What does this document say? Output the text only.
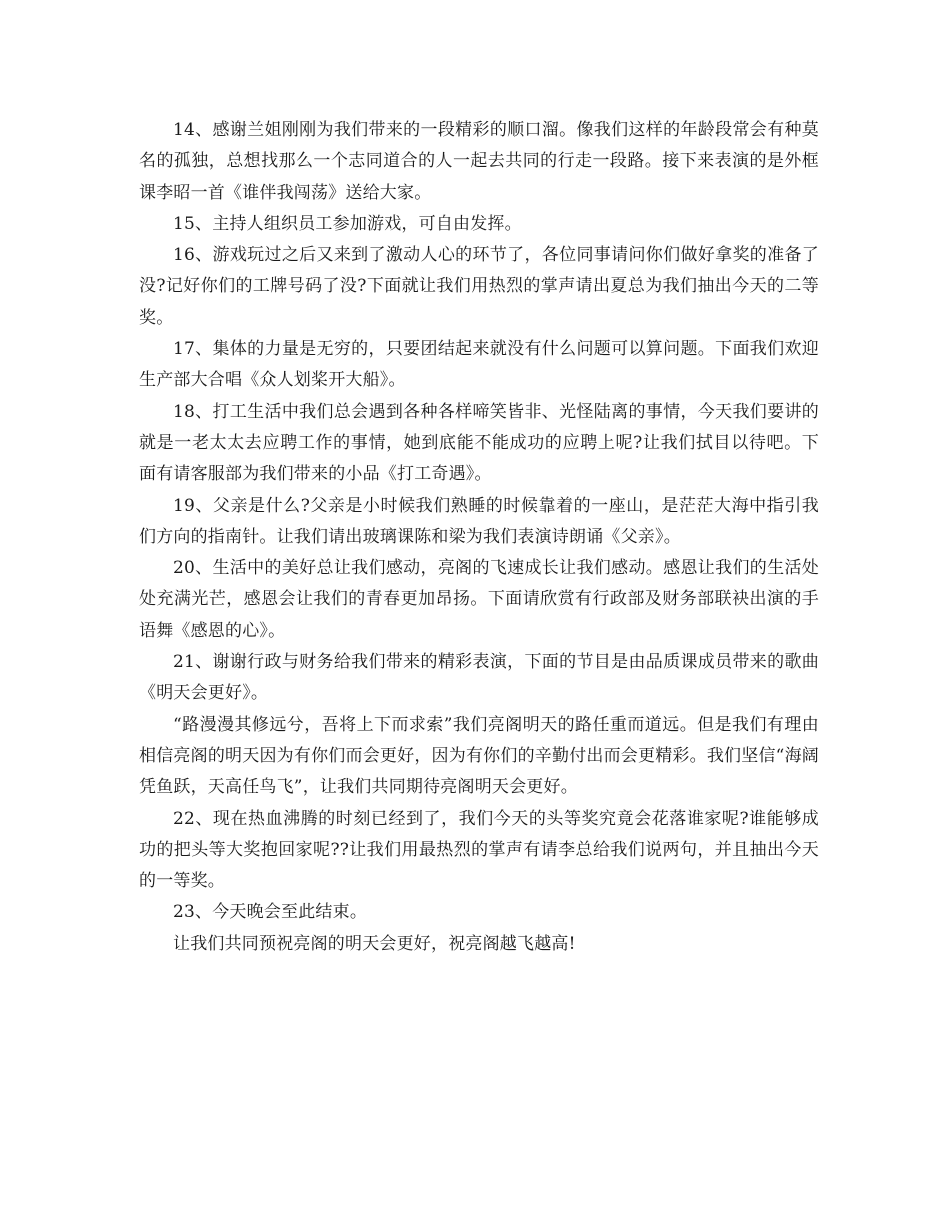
14、感谢兰姐刚刚为我们带来的一段精彩的顺口溜。像我们这样的年龄段常会有种莫名的孤独，总想找那么一个志同道合的人一起去共同的行走一段路。接下来表演的是外框课李昭一首《谁伴我闯荡》送给大家。

15、主持人组织员工参加游戏，可自由发挥。

16、游戏玩过之后又来到了激动人心的环节了，各位同事请问你们做好拿奖的准备了没?记好你们的工牌号码了没?下面就让我们用热烈的掌声请出夏总为我们抽出今天的二等奖。

17、集体的力量是无穷的，只要团结起来就没有什么问题可以算问题。下面我们欢迎生产部大合唱《众人划桨开大船》。

18、打工生活中我们总会遇到各种各样啼笑皆非、光怪陆离的事情，今天我们要讲的就是一老太太去应聘工作的事情，她到底能不能成功的应聘上呢?让我们拭目以待吧。下面有请客服部为我们带来的小品《打工奇遇》。

19、父亲是什么?父亲是小时候我们熟睡的时候靠着的一座山，是茫茫大海中指引我们方向的指南针。让我们请出玻璃课陈和梁为我们表演诗朗诵《父亲》。

20、生活中的美好总让我们感动，亮阁的飞速成长让我们感动。感恩让我们的生活处处充满光芒，感恩会让我们的青春更加昂扬。下面请欣赏有行政部及财务部联袂出演的手语舞《感恩的心》。

21、谢谢行政与财务给我们带来的精彩表演，下面的节目是由品质课成员带来的歌曲《明天会更好》。

“路漫漫其修远兮，吾将上下而求索”我们亮阁明天的路任重而道远。但是我们有理由相信亮阁的明天因为有你们而会更好，因为有你们的辛勤付出而会更精彩。我们坚信“海阔凭鱼跃，天高任鸟飞”，让我们共同期待亮阁明天会更好。

22、现在热血沸腾的时刻已经到了，我们今天的头等奖究竟会花落谁家呢?谁能够成功的把头等大奖抱回家呢??让我们用最热烈的掌声有请李总给我们说两句，并且抽出今天的一等奖。

23、今天晚会至此结束。

让我们共同预祝亮阁的明天会更好，祝亮阁越飞越高!
